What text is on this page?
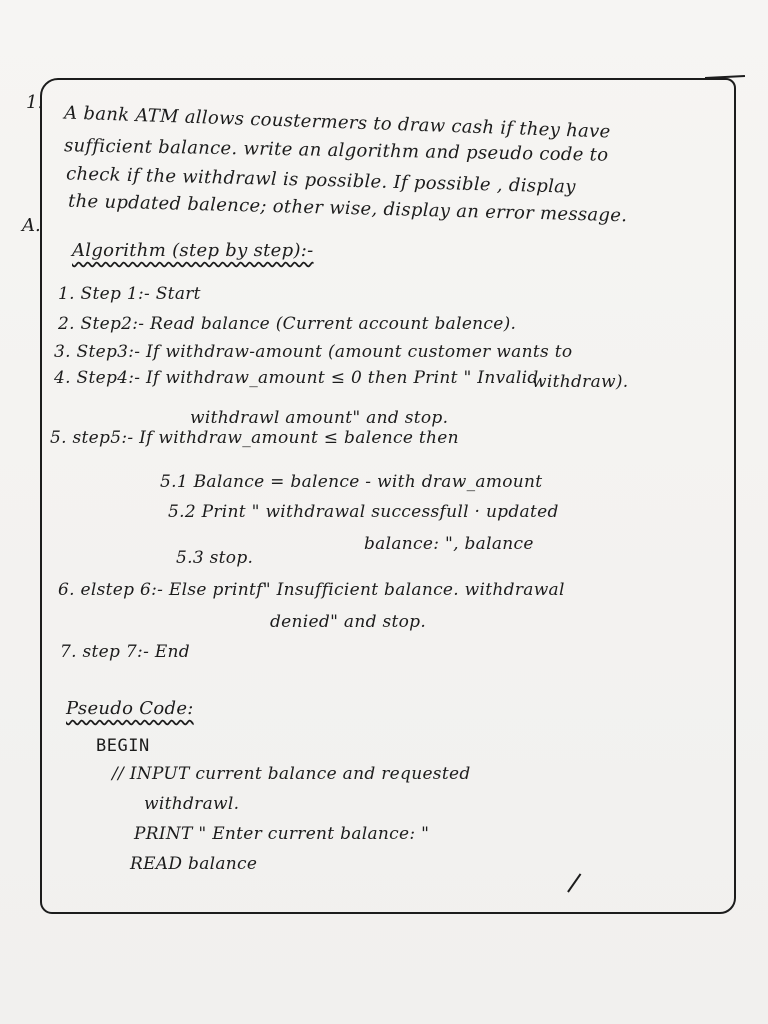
1.
A.
A bank ATM allows coustermers to draw cash if they have
sufficient balance. write an algorithm and pseudo code to
check if the withdrawl is possible. If possible , display
the updated balence; other wise, display an error message.
Algorithm (step by step):-
1. Step 1:- Start
2. Step2:- Read balance (Current account balence).
3. Step3:- If withdraw-amount (amount customer wants to
withdraw).
4. Step4:- If withdraw_amount ≤ 0 then Print " Invalid
withdrawl amount" and stop.
5. step5:- If withdraw_amount ≤ balence then
5.1 Balance = balence - with draw_amount
5.2 Print " withdrawal successfull · updated
balance: ", balance
5.3 stop.
6. elstep 6:- Else printf" Insufficient balance. withdrawal
denied" and stop.
7. step 7:- End
Pseudo Code:
BEGIN
// INPUT current balance and requested
withdrawl.
PRINT " Enter current balance: "
READ balance
